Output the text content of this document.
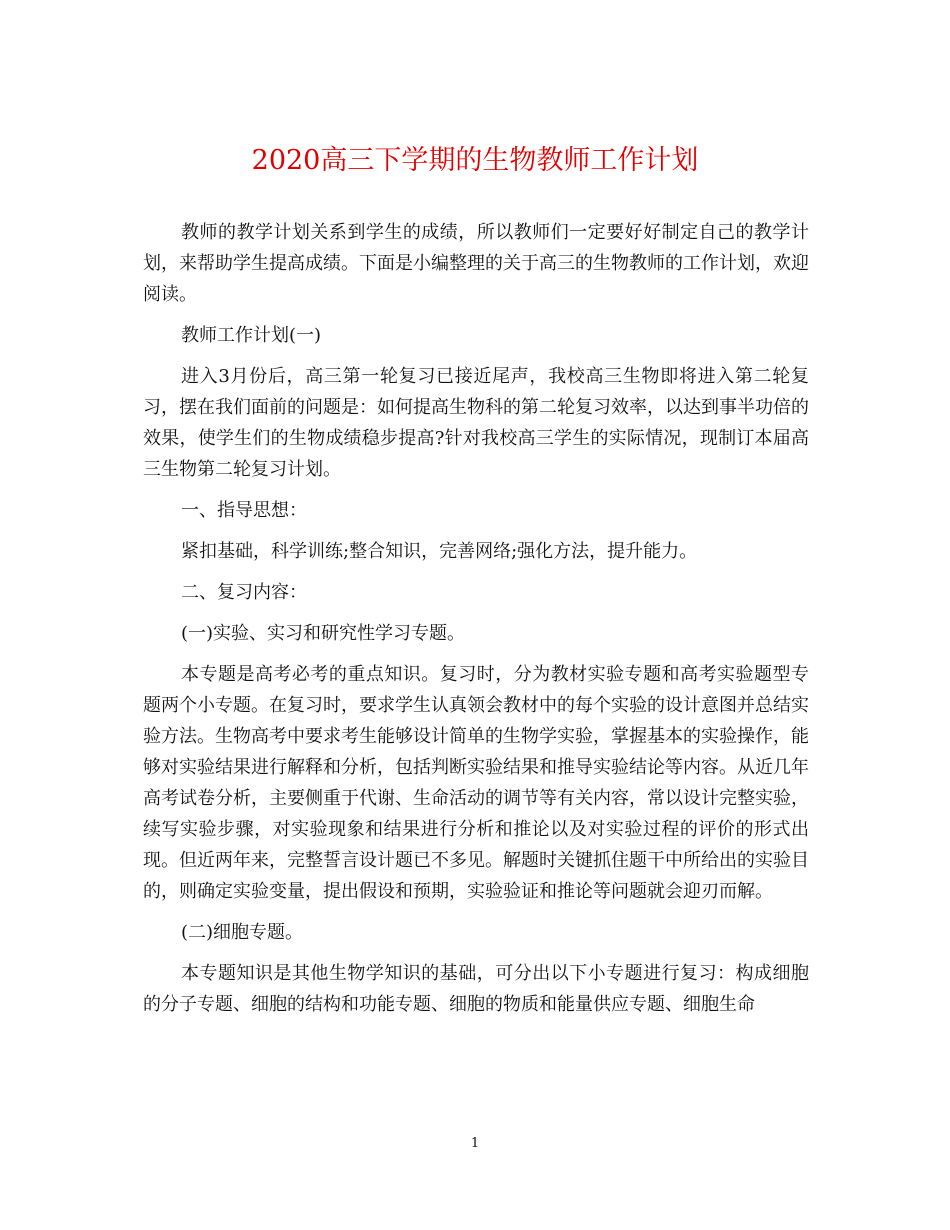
2020高三下学期的生物教师工作计划

教师的教学计划关系到学生的成绩，所以教师们一定要好好制定自己的教学计划，来帮助学生提高成绩。下面是小编整理的关于高三的生物教师的工作计划，欢迎阅读。

教师工作计划(一)

进入3月份后，高三第一轮复习已接近尾声，我校高三生物即将进入第二轮复习，摆在我们面前的问题是：如何提高生物科的第二轮复习效率，以达到事半功倍的效果，使学生们的生物成绩稳步提高?针对我校高三学生的实际情况，现制订本届高三生物第二轮复习计划。

一、指导思想：

紧扣基础，科学训练;整合知识，完善网络;强化方法，提升能力。

二、复习内容：

(一)实验、实习和研究性学习专题。

本专题是高考必考的重点知识。复习时，分为教材实验专题和高考实验题型专题两个小专题。在复习时，要求学生认真领会教材中的每个实验的设计意图并总结实验方法。生物高考中要求考生能够设计简单的生物学实验，掌握基本的实验操作，能够对实验结果进行解释和分析，包括判断实验结果和推导实验结论等内容。从近几年高考试卷分析，主要侧重于代谢、生命活动的调节等有关内容，常以设计完整实验，续写实验步骤，对实验现象和结果进行分析和推论以及对实验过程的评价的形式出现。但近两年来，完整誓言设计题已不多见。解题时关键抓住题干中所给出的实验目的，则确定实验变量，提出假设和预期，实验验证和推论等问题就会迎刃而解。

(二)细胞专题。

本专题知识是其他生物学知识的基础，可分出以下小专题进行复习：构成细胞的分子专题、细胞的结构和功能专题、细胞的物质和能量供应专题、细胞生命

1
